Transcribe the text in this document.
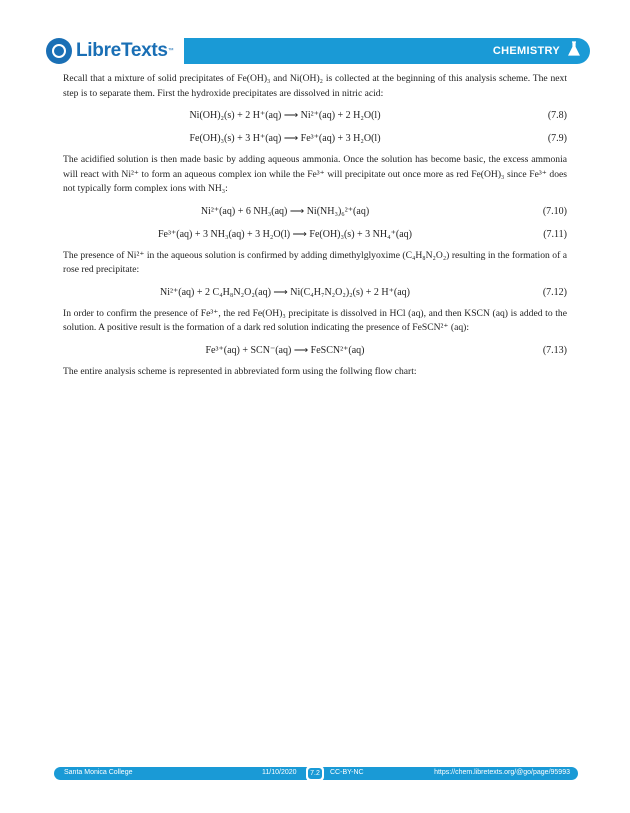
LibreTexts ™	CHEMISTRY

Recall that a mixture of solid precipitates of Fe(OH)₃ and Ni(OH)₂ is collected at the beginning of this analysis scheme. The next step is to separate them. First the hydroxide precipitates are dissolved in nitric acid:

Ni(OH)₂(s) + 2 H⁺(aq) ⟶ Ni²⁺(aq) + 2 H₂O(l)	(7.8)
Fe(OH)₃(s) + 3 H⁺(aq) ⟶ Fe³⁺(aq) + 3 H₂O(l)	(7.9)

The acidified solution is then made basic by adding aqueous ammonia. Once the solution has become basic, the excess ammonia will react with Ni²⁺ to form an aqueous complex ion while the Fe³⁺ will precipitate out once more as red Fe(OH)₃ since Fe³⁺ does not typically form complex ions with NH₃:

Ni²⁺(aq) + 6 NH₃(aq) ⟶ Ni(NH₃)₆²⁺(aq)	(7.10)
Fe³⁺(aq) + 3 NH₃(aq) + 3 H₂O(l) ⟶ Fe(OH)₃(s) + 3 NH₄⁺(aq)	(7.11)

The presence of Ni²⁺ in the aqueous solution is confirmed by adding dimethylglyoxime (C₄H₈N₂O₂) resulting in the formation of a rose red precipitate:

Ni²⁺(aq) + 2 C₄H₈N₂O₂(aq) ⟶ Ni(C₄H₇N₂O₂)₂(s) + 2 H⁺(aq)	(7.12)

In order to confirm the presence of Fe³⁺, the red Fe(OH)₃ precipitate is dissolved in HCl (aq), and then KSCN (aq) is added to the solution. A positive result is the formation of a dark red solution indicating the presence of FeSCN²⁺ (aq):

Fe³⁺(aq) + SCN⁻(aq) ⟶ FeSCN²⁺(aq)	(7.13)

The entire analysis scheme is represented in abbreviated form using the follwing flow chart:

Santa Monica College	11/10/2020	7.2	CC-BY-NC	https://chem.libretexts.org/@go/page/95993
